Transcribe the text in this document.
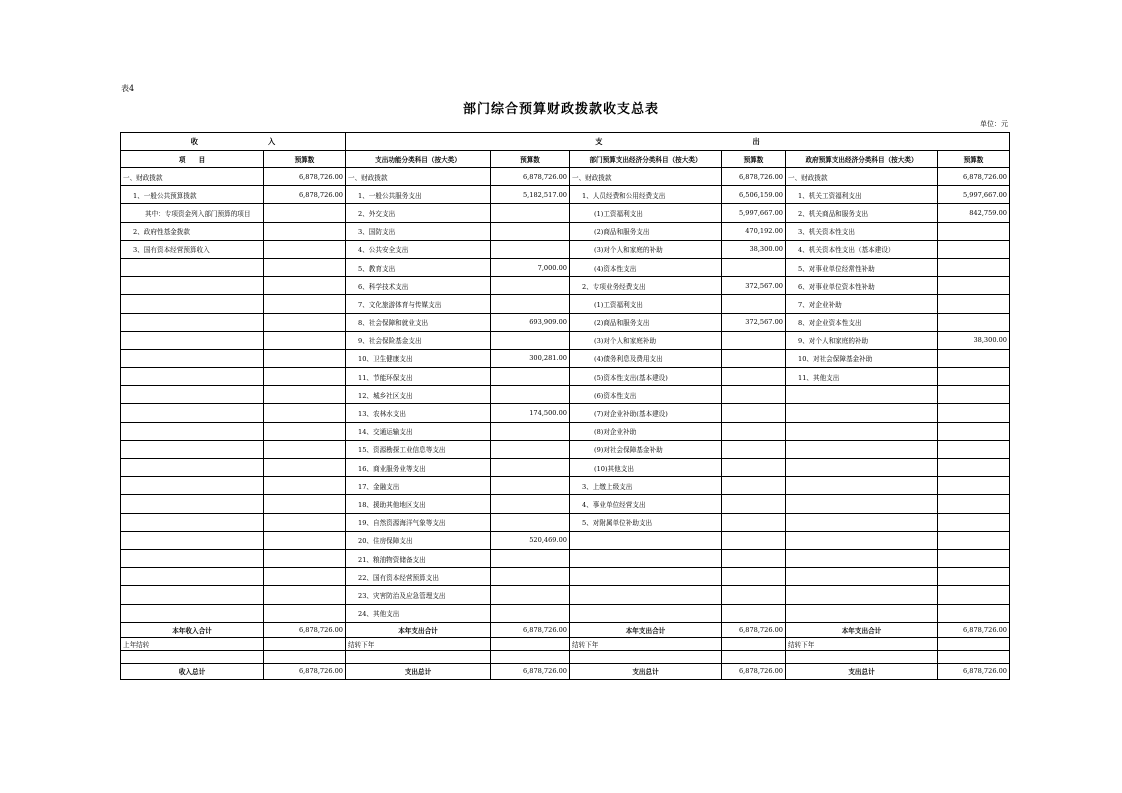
表4
部门综合预算财政拨款收支总表
单位：元
收 入		支 出					
项　　目	预算数	支出功能分类科目（按大类）	预算数	部门预算支出经济分类科目（按大类）	预算数	政府预算支出经济分类科目（按大类）	预算数
一、财政拨款	6,878,726.00	一、财政拨款	6,878,726.00	一、财政拨款	6,878,726.00	一、财政拨款	6,878,726.00
1、一般公共预算拨款	6,878,726.00	1、一般公共服务支出	5,182,517.00	1、人员经费和公用经费支出	6,506,159.00	1、机关工资福利支出	5,997,667.00
其中：专项资金列入部门预算的项目		2、外交支出		(1)工资福利支出	5,997,667.00	2、机关商品和服务支出	842,759.00
2、政府性基金拨款		3、国防支出		(2)商品和服务支出	470,192.00	3、机关资本性支出	
3、国有资本经营预算收入		4、公共安全支出		(3)对个人和家庭的补助	38,300.00	4、机关资本性支出（基本建设）	
		5、教育支出	7,000.00	(4)资本性支出		5、对事业单位经常性补助	
		6、科学技术支出		2、专项业务经费支出	372,567.00	6、对事业单位资本性补助	
		7、文化旅游体育与传媒支出		(1)工资福利支出		7、对企业补助	
		8、社会保障和就业支出	693,909.00	(2)商品和服务支出	372,567.00	8、对企业资本性支出	
		9、社会保险基金支出		(3)对个人和家庭补助		9、对个人和家庭的补助	38,300.00
		10、卫生健康支出	300,281.00	(4)债务利息及费用支出		10、对社会保障基金补助	
		11、节能环保支出		(5)资本性支出(基本建设)		11、其他支出	
		12、城乡社区支出		(6)资本性支出			
		13、农林水支出	174,500.00	(7)对企业补助(基本建设)			
		14、交通运输支出		(8)对企业补助			
		15、资源勘探工业信息等支出		(9)对社会保障基金补助			
		16、商业服务业等支出		(10)其他支出			
		17、金融支出		3、上缴上级支出			
		18、援助其他地区支出		4、事业单位经营支出			
		19、自然资源海洋气象等支出		5、对附属单位补助支出			
		20、住房保障支出	520,469.00				
		21、粮油物资储备支出					
		22、国有资本经营预算支出					
		23、灾害防治及应急管理支出					
		24、其他支出					
本年收入合计	6,878,726.00	本年支出合计	6,878,726.00	本年支出合计	6,878,726.00	本年支出合计	6,878,726.00
上年结转		结转下年		结转下年		结转下年	

收入总计	6,878,726.00	支出总计	6,878,726.00	支出总计	6,878,726.00	支出总计	6,878,726.00
